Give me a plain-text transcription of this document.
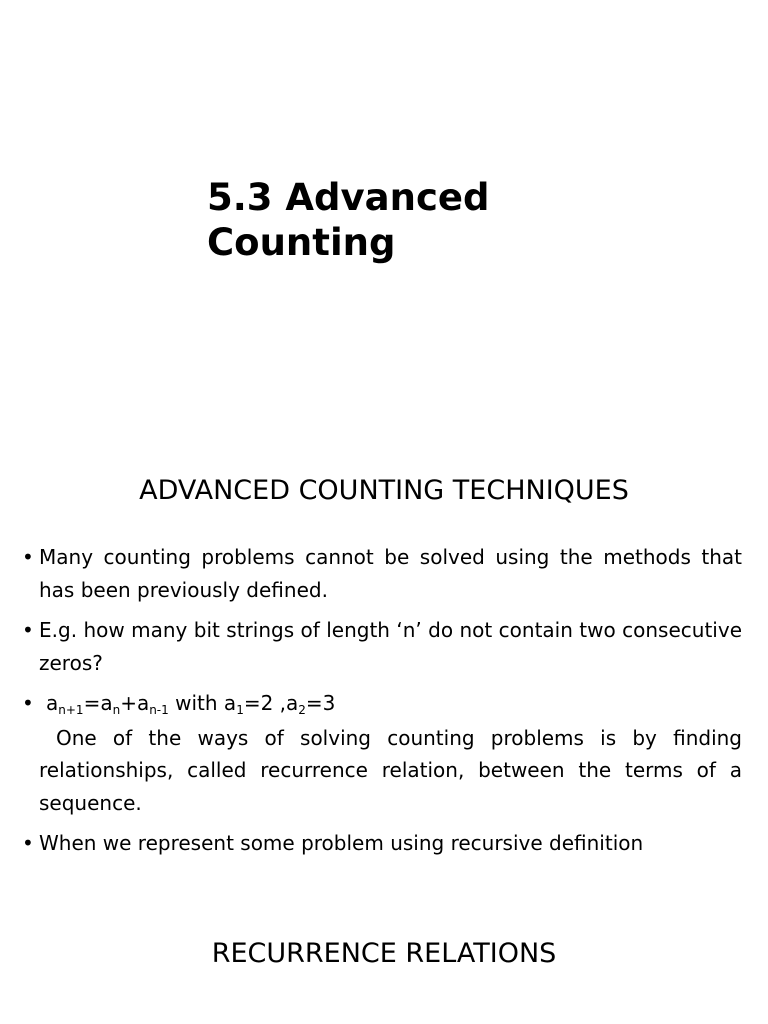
5.3 Advanced Counting
ADVANCED COUNTING TECHNIQUES
• Many counting problems cannot be solved using the methods that has been previously defined.
• E.g. how many bit strings of length ‘n’ do not contain two consecutive zeros?
• $a_{n+1}=a_n+a_{n-1}$ with $a_1=2$ $,a_2=3$
One of the ways of solving counting problems is by finding relationships, called recurrence relation, between the terms of a sequence.
• When we represent some problem using recursive definition
RECURRENCE RELATIONS
